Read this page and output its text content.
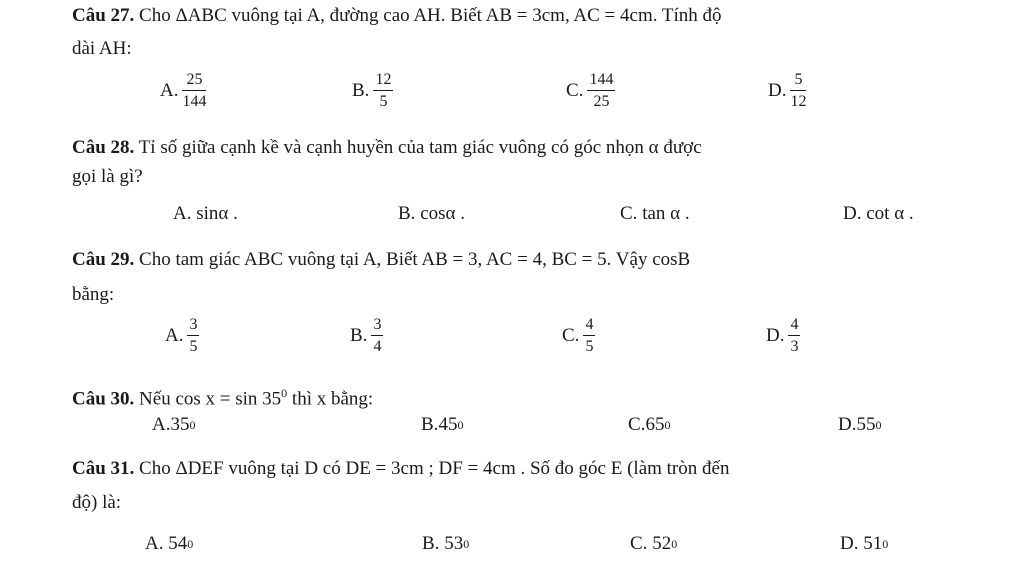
Câu 27. Cho ΔABC vuông tại A, đường cao AH. Biết AB = 3cm, AC = 4cm. Tính độ
dài AH:
A. $\frac{25}{144}$	B. $\frac{12}{5}$	C. $\frac{144}{25}$	D. $\frac{5}{12}$
Câu 28. Tỉ số giữa cạnh kề và cạnh huyền của tam giác vuông có góc nhọn α được
gọi là gì?
A.
sinα .	B.
cosα .	C.
tan α .	D.
cot α .
Câu 29. Cho tam giác ABC vuông tại A, Biết AB = 3, AC = 4, BC = 5. Vậy cosB
bằng:
A. $\frac{3}{5}$	B. $\frac{3}{4}$	C. $\frac{4}{5}$	D. $\frac{4}{3}$
Câu 30. Nếu $\cos x = \sin 35^0$ thì x bằng:
A. 35 0	B. 45 0	C. 65 0	D. 55 0
Câu 31. Cho ΔDEF vuông tại D có DE = 3cm ; DF = 4cm . Số đo góc E (làm tròn đến
độ) là:
A.
54 0	B.
53 0	C.
52 0	D.
51 0
